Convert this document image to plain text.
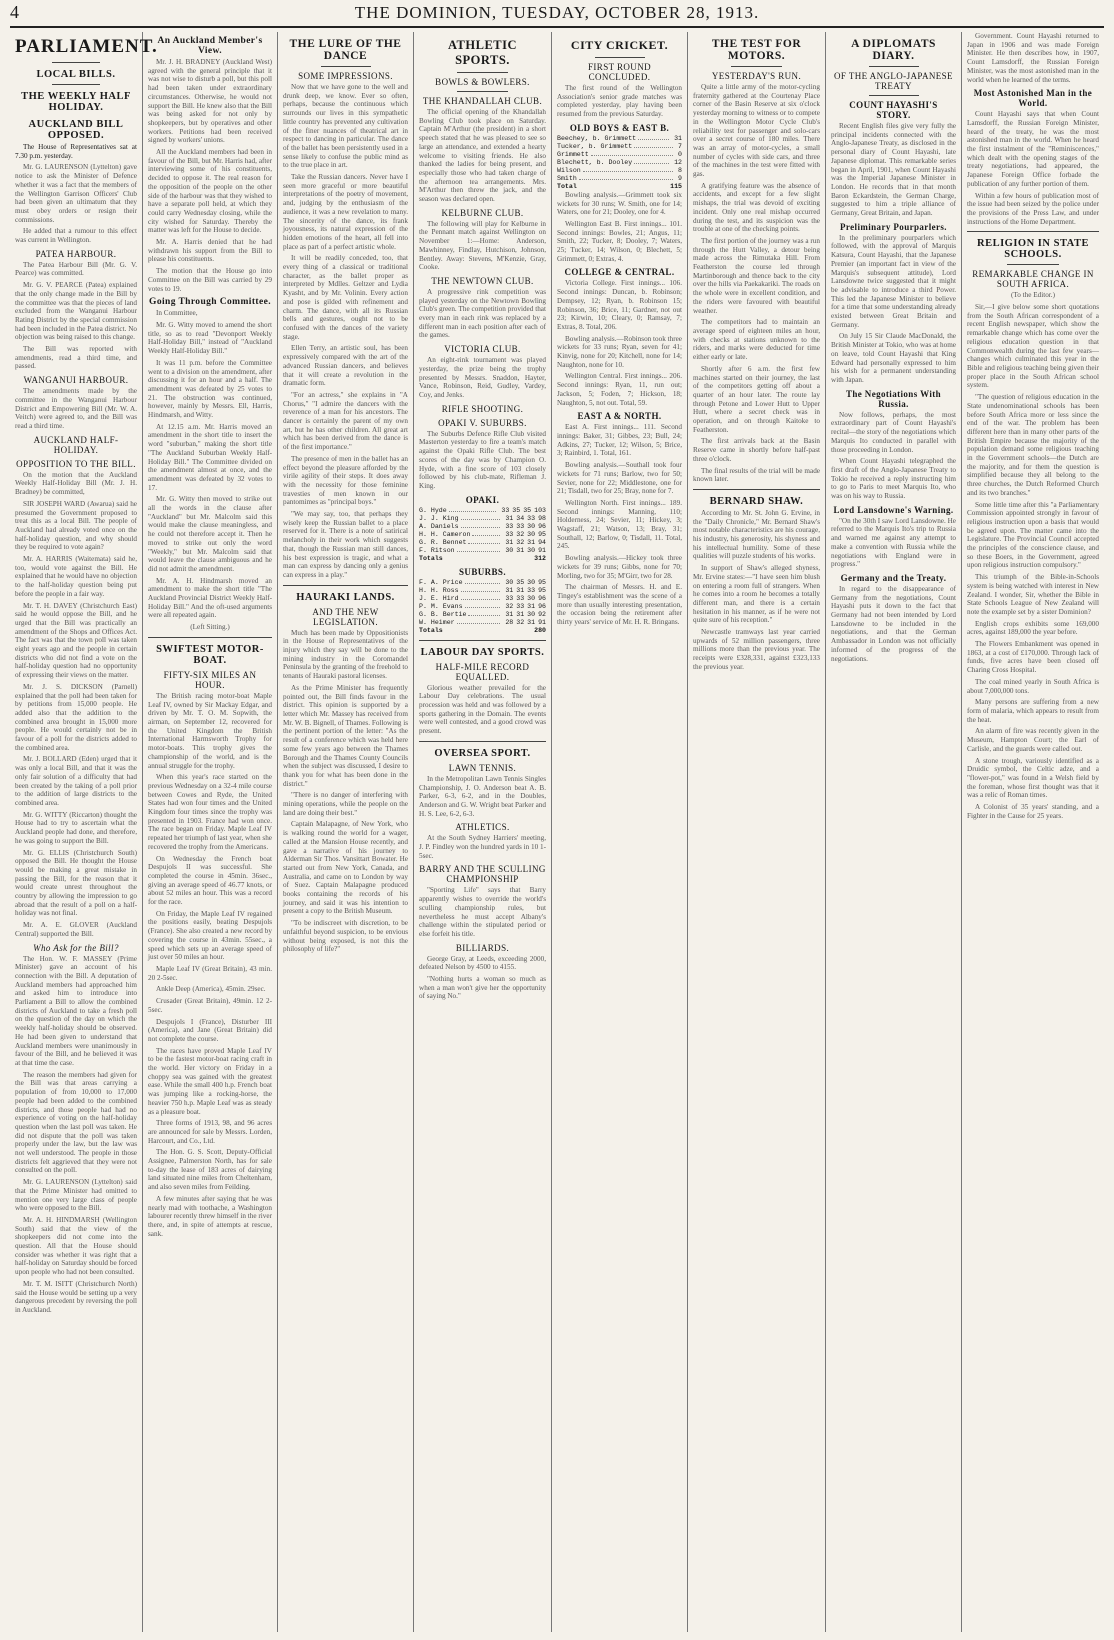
4	THE DOMINION, TUESDAY, OCTOBER 28, 1913.
PARLIAMENT.
LOCAL BILLS.
THE WEEKLY HALF HOLIDAY.
AUCKLAND BILL OPPOSED.

The House of Representatives sat at 7.30 p.m. yesterday.

Mr. G. LAURENSON (Lyttelton) gave notice to ask the Minister of Defence whether it was a fact that the members of the Wellington Garrison Officers' Club had been given an ultimatum that they must obey orders or resign their commissions.

He added that a rumour to this effect was current in Wellington.

PATEA HARBOUR.

The Patea Harbour Bill (Mr. G. V. Pearce) was committed.

Mr. G. V. PEARCE (Patea) explained that the only change made in the Bill by the committee was that the pieces of land excluded from the Wanganui Harbour Rating District by the special commission had been included in the Patea district. No objection was being raised to this change.

The Bill was reported with amendments, read a third time, and passed.

WANGANUI HARBOUR.

The amendments made by the committee in the Wanganui Harbour District and Empowering Bill (Mr. W. A. Veitch) were agreed to, and the Bill was read a third time.

AUCKLAND HALF-HOLIDAY.
OPPOSITION TO THE BILL.

On the motion that the Auckland Weekly Half-Holiday Bill (Mr. J. H. Bradney) be committed,

SIR JOSEPH WARD (Awarua) said he presumed the Government proposed to treat this as a local Bill. The people of Auckland had already voted once on the half-holiday question, and why should they be required to vote again?

Mr. A. HARRIS (Waitemata) said he, too, would vote against the Bill. He explained that he would have no objection to the half-holiday question being put before the people in a fair way.

Mr. T. H. DAVEY (Christchurch East) said he would oppose the Bill, and he urged that the Bill was practically an amendment of the Shops and Offices Act. The fact was that the town poll was taken eight years ago and the people in certain districts who did not find a vote on the half-holiday question had no opportunity of expressing their views on the matter.

Mr. J. S. DICKSON (Parnell) explained that the poll had been taken for by petitions from 15,000 people. He added also that the addition to the combined area brought in 15,000 more people. He would certainly not be in favour of a poll for the districts added to the combined area.

Mr. J. BOLLARD (Eden) urged that it was only a local Bill, and that it was the only fair solution of a difficulty that had been created by the taking of a poll prior to the addition of large districts to the combined area.

Mr. G. WITTY (Riccarton) thought the House had to try to ascertain what the Auckland people had done, and therefore, he was going to support the Bill.

Mr. G. ELLIS (Christchurch South) opposed the Bill. He thought the House would be making a great mistake in passing the Bill, for the reason that it would create unrest throughout the country by allowing the impression to go abroad that the result of a poll on a half-holiday was not final.

Mr. A. E. GLOVER (Auckland Central) supported the Bill.

Who Ask for the Bill?

The Hon. W. F. MASSEY (Prime Minister) gave an account of his connection with the Bill. A deputation of Auckland members had approached him and asked him to introduce into Parliament a Bill to allow the combined districts of Auckland to take a fresh poll on the question of the day on which the weekly half-holiday should be observed. He had been given to understand that Auckland members were unanimously in favour of the Bill, and he believed it was at that time the case.

The reason the members had given for the Bill was that areas carrying a population of from 10,000 to 17,000 people had been added to the combined districts, and those people had had no experience of voting on the half-holiday question when the last poll was taken. He did not dispute that the poll was taken properly under the law, but the law was not well understood. The people in those districts felt aggrieved that they were not consulted on the poll.

Mr. G. LAURENSON (Lyttelton) said that the Prime Minister had omitted to mention one very large class of people who were opposed to the Bill.

Mr. A. H. HINDMARSH (Wellington South) said that the view of the shopkeepers did not come into the question. All that the House should consider was whether it was right that a half-holiday on Saturday should be forced upon people who had not been consulted.

Mr. T. M. ISITT (Christchurch North) said the House would be setting up a very dangerous precedent by reversing the poll in Auckland.

An Auckland Member's View.

Mr. J. H. BRADNEY (Auckland West) agreed with the general principle that it was not wise to disturb a poll, but this poll had been taken under extraordinary circumstances. Otherwise, he would not support the Bill. He knew also that the Bill was being asked for not only by shopkeepers, but by operatives and other workers. Petitions had been received signed by workers' unions.

All the Auckland members had been in favour of the Bill, but Mr. Harris had, after interviewing some of his constituents, decided to oppose it. The real reason for the opposition of the people on the other side of the harbour was that they wished to have a separate poll held, at which they could carry Wednesday closing, while the city wished for Saturday. Thereby the matter was left for the House to decide.

Mr. A. Harris denied that he had withdrawn his support from the Bill to please his constituents.

The motion that the House go into Committee on the Bill was carried by 29 votes to 19.

Going Through Committee.

In Committee,

Mr. G. Witty moved to amend the short title, so as to read "Devonport Weekly Half-Holiday Bill," instead of "Auckland Weekly Half-Holiday Bill."

It was 11 p.m. before the Committee went to a division on the amendment, after discussing it for an hour and a half. The amendment was defeated by 25 votes to 21. The obstruction was continued, however, mainly by Messrs. Ell, Harris, Hindmarsh, and Witty.

At 12.15 a.m. Mr. Harris moved an amendment in the short title to insert the word "suburban," making the short title "The Auckland Suburban Weekly Half-Holiday Bill." The Committee divided on the amendment almost at once, and the amendment was defeated by 32 votes to 17.

Mr. G. Witty then moved to strike out all the words in the clause after "Auckland" but Mr. Malcolm said this would make the clause meaningless, and he could not therefore accept it. Then he moved to strike out only the word "Weekly," but Mr. Malcolm said that would leave the clause ambiguous and he did not admit the amendment.

Mr. A. H. Hindmarsh moved an amendment to make the short title "The Auckland Provincial District Weekly Half-Holiday Bill." And the oft-used arguments were all repeated again.

(Left Sitting.)

SWIFTEST MOTOR-BOAT.
FIFTY-SIX MILES AN HOUR.

The British racing motor-boat Maple Leaf IV, owned by Sir Mackay Edgar, and driven by Mr. T. O. M. Sopwith, the airman, on September 12, recovered for the United Kingdom the British International Harmsworth Trophy for motor-boats. This trophy gives the championship of the world, and is the annual struggle for the trophy.

When this year's race started on the previous Wednesday on a 32-4 mile course between Cowes and Ryde, the United States had won four times and the United Kingdom four times since the trophy was presented in 1903. France had won once. The race began on Friday. Maple Leaf IV repeated her triumph of last year, when she recovered the trophy from the Americans.

On Wednesday the French boat Despujols II was successful. She completed the course in 45min. 36sec., giving an average speed of 46.77 knots, or about 52 miles an hour. This was a record for the race.

On Friday, the Maple Leaf IV regained the positions easily, beating Despujols (France). She also created a new record by covering the course in 43min. 55sec., a speed which sets up an average speed of just over 50 miles an hour.

Maple Leaf IV (Great Britain), 43 min. 20 2-5sec.

Ankle Deep (America), 45min. 29sec.

Crusader (Great Britain), 49min. 12 2-5sec.

Despujols I (France), Disturber III (America), and Jane (Great Britain) did not complete the course.

The races have proved Maple Leaf IV to be the fastest motor-boat racing craft in the world. Her victory on Friday in a choppy sea was gained with the greatest ease. While the small 400 h.p. French boat was jumping like a rocking-horse, the heavier 750 h.p. Maple Leaf was as steady as a pleasure boat.

Three forms of 1913, 98, and 96 acres are announced for sale by Messrs. Lorden, Harcourt, and Co., Ltd.

The Hon. G. S. Scott, Deputy-Official Assignee, Palmerston North, has for sale to-day the lease of 183 acres of dairying land situated nine miles from Cheltenham, and also seven miles from Feilding.

A few minutes after saying that he was nearly mad with toothache, a Washington labourer recently threw himself in the river there, and, in spite of attempts at rescue, sank.

THE LURE OF THE DANCE
SOME IMPRESSIONS.

Now that we have gone to the well and drunk deep, we know. Ever so often, perhaps, because the continuous which surrounds our lives in this sympathetic little country has prevented any cultivation of the finer nuances of theatrical art in respect to dancing in particular. The dance of the ballet has been persistently used in a sense likely to confuse the public mind as to the true place in art.

Take the Russian dancers. Never have I seen more graceful or more beautiful interpretations of the poetry of movement, and, judging by the enthusiasm of the audience, it was a new revelation to many. The sincerity of the dance, its frank joyousness, its natural expression of the hidden emotions of the heart, all fell into place as part of a perfect artistic whole.

It will be readily conceded, too, that every thing of a classical or traditional character, as the ballet proper as interpreted by Mdlles. Geltzer and Lydia Kyasht, and by Mr. Volinin. Every action and pose is gilded with refinement and charm. The dance, with all its Russian bells and gestures, ought not to be confused with the dances of the variety stage.

Ellen Terry, an artistic soul, has been expressively compared with the art of the advanced Russian dancers, and believes that it will create a revolution in the dramatic form.

"For an actress," she explains in "A Chorus," "I admire the dancers with the reverence of a man for his ancestors. The dancer is certainly the parent of my own art, but he has other children. All great art which has been derived from the dance is of the first importance."

The presence of men in the ballet has an effect beyond the pleasure afforded by the virile agility of their steps. It does away with the necessity for those feminine travesties of men known in our pantomimes as "principal boys."

"We may say, too, that perhaps they wisely keep the Russian ballet to a place reserved for it. There is a note of satirical melancholy in their work which suggests that, though the Russian man still dances, his best expression is tragic, and what a man can express by dancing only a genius can express in a play."

HAURAKI LANDS.
AND THE NEW LEGISLATION.

Much has been made by Oppositionists in the House of Representatives of the injury which they say will be done to the mining industry in the Coromandel Peninsula by the granting of the freehold to tenants of Hauraki pastoral licenses.

As the Prime Minister has frequently pointed out, the Bill finds favour in the district. This opinion is supported by a letter which Mr. Massey has received from Mr. W. B. Bignell, of Thames. Following is the pertinent portion of the letter: "As the result of a conference which was held here some few years ago between the Thames Borough and the Thames County Councils when the subject was discussed, I desire to thank you for what has been done in the district."

"There is no danger of interfering with mining operations, while the people on the land are doing their best."

Captain Malapagne, of New York, who is walking round the world for a wager, called at the Mansion House recently, and gave a narrative of his journey to Alderman Sir Thos. Vansittart Bowater. He started out from New York, Canada, and Australia, and came on to London by way of Suez. Captain Malapagne produced books containing the records of his journey, and said it was his intention to present a copy to the British Museum.

"To be indiscreet with discretion, to be unfaithful beyond suspicion, to be envious without being exposed, is not this the philosophy of life?"

ATHLETIC SPORTS.
BOWLS & BOWLERS.
THE KHANDALLAH CLUB.

The official opening of the Khandallah Bowling Club took place on Saturday. Captain M'Arthur (the president) in a short speech stated that he was pleased to see so large an attendance, and extended a hearty welcome to visiting friends. He also thanked the ladies for being present, and especially those who had taken charge of the afternoon tea arrangements. Mrs. M'Arthur then threw the jack, and the season was declared open.

KELBURNE CLUB.

The following will play for Kelburne in the Pennant match against Wellington on November 1:—Home: Anderson, Mawhinney, Findlay, Hutchison, Johnson, Bentley. Away: Stevens, M'Kenzie, Gray, Cooke.

THE NEWTOWN CLUB.

A progressive rink competition was played yesterday on the Newtown Bowling Club's green. The competition provided that every man in each rink was replaced by a different man in each position after each of the games.

VICTORIA CLUB.

An eight-rink tournament was played yesterday, the prize being the trophy presented by Messrs. Snaddon, Hayter, Vance, Robinson, Reid, Gudley, Vardey, Coy, and Jenks.

RIFLE SHOOTING.
OPAKI V. SUBURBS.

The Suburbs Defence Rifle Club visited Masterton yesterday to fire a team's match against the Opaki Rifle Club. The best scores of the day was by Champion O. Hyde, with a fine score of 103 closely followed by his club-mate, Rifleman J. King.

OPAKI.
G. Hyde	33 35 35 103
J. J. King	31 34 33 98
A. Daniels	33 33 30 96
H. H. Cameron	33 32 30 95
G. R. Bennet	31 32 31 94
F. Ritson	30 31 30 91
Totals	312
SUBURBS.
F. A. Price	30 35 30 95
H. H. Ross	31 31 33 95
J. E. Hird	33 33 30 96
P. M. Evans	32 33 31 96
G. B. Bertie	31 31 30 92
W. Heimer	28 32 31 91
Totals	280
LABOUR DAY SPORTS.
HALF-MILE RECORD EQUALLED.

Glorious weather prevailed for the Labour Day celebrations. The usual procession was held and was followed by a sports gathering in the Domain. The events were well contested, and a good crowd was present.

OVERSEA SPORT.
LAWN TENNIS.

In the Metropolitan Lawn Tennis Singles Championship, J. O. Anderson beat A. B. Parker, 6-3, 6-2, and in the Doubles, Anderson and G. W. Wright beat Parker and H. S. Lee, 6-2, 6-3.

ATHLETICS.

At the South Sydney Harriers' meeting, J. P. Findley won the hundred yards in 10 1-5sec.

BARRY AND THE SCULLING CHAMPIONSHIP

"Sporting Life" says that Barry apparently wishes to override the world's sculling championship rules, but nevertheless he must accept Albany's challenge within the stipulated period or else forfeit his title.

BILLIARDS.

George Gray, at Leeds, exceeding 2000, defeated Nelson by 4500 to 4155.

"Nothing hurts a woman so much as when a man won't give her the opportunity of saying No."

CITY CRICKET.
FIRST ROUND CONCLUDED.

The first round of the Wellington Association's senior grade matches was completed yesterday, play having been resumed from the previous Saturday.

OLD BOYS & EAST B.
Beechey, b. Grimmett	31
Tucker, b. Grimmett	7
Grimmett	0
Blechett, b. Dooley	12
Wilson	8
Smith	9
Total	115

Bowling analysis.—Grimmett took six wickets for 30 runs; W. Smith, one for 14; Waters, one for 21; Dooley, one for 4.

Wellington East B. First innings... 101. Second innings: Bowles, 21; Angus, 11; Smith, 22; Tucker, 8; Dooley, 7; Waters, 25; Tucker, 14; Wilson, 0; Blechett, 5; Grimmett, 0; Extras, 4.

COLLEGE & CENTRAL.

Victoria College. First innings... 106. Second innings: Duncan, b. Robinson; Dempsey, 12; Ryan, b. Robinson 15; Robinson, 36; Brice, 11; Gardner, not out 23; Kirwin, 10; Cleary, 0; Ramsay, 7; Extras, 8. Total, 206.

Bowling analysis.—Robinson took three wickets for 33 runs; Ryan, seven for 41; Kinvig, none for 20; Kitchell, none for 14; Naughton, none for 10.

Wellington Central. First innings... 206. Second innings: Ryan, 11, run out; Jackson, 5; Foden, 7; Hickson, 18; Naughton, 5, not out. Total, 59.

EAST A & NORTH.

East A. First innings... 111. Second innings: Baker, 31; Gibbes, 23; Bull, 24; Adkins, 27; Tucker, 12; Wilson, 5; Brice, 3; Rainbird, 1. Total, 161.

Bowling analysis.—Southall took four wickets for 71 runs; Barlow, two for 50; Sevier, none for 22; Middlestone, one for 21; Tisdall, two for 25; Bray, none for 7.

Wellington North. First innings... 189. Second innings: Manning, 110; Holderness, 24; Sevier, 11; Hickey, 3; Wagstaff, 21; Watson, 13; Bray, 31; Southall, 12; Barlow, 0; Tisdall, 11. Total, 245.

Bowling analysis.—Hickey took three wickets for 39 runs; Gibbs, none for 70; Morling, two for 35; M'Girr, two for 28.

The chairman of Messrs. H. and E. Tingey's establishment was the scene of a more than usually interesting presentation, the occasion being the retirement after thirty years' service of Mr. H. R. Bringans.

THE TEST FOR MOTORS.
YESTERDAY'S RUN.

Quite a little army of the motor-cycling fraternity gathered at the Courtenay Place corner of the Basin Reserve at six o'clock yesterday morning to witness or to compete in the Wellington Motor Cycle Club's reliability test for passenger and solo-cars over a secret course of 180 miles. There was an array of motor-cycles, a small number of cycles with side cars, and three of the machines in the test were fitted with gas.

A gratifying feature was the absence of accidents, and except for a few slight mishaps, the trial was devoid of exciting incident. Only one real mishap occurred during the test, and its suspicion was the trouble at one of the checking points.

The first portion of the journey was a run through the Hutt Valley, a detour being made across the Rimutaka Hill. From Featherston the course led through Martinborough and thence back to the city over the hills via Paekakariki. The roads on the whole were in excellent condition, and the riders were favoured with beautiful weather.

The competitors had to maintain an average speed of eighteen miles an hour, with checks at stations unknown to the riders, and marks were deducted for time either early or late.

Shortly after 6 a.m. the first few machines started on their journey, the last of the competitors getting off about a quarter of an hour later. The route lay through Petone and Lower Hutt to Upper Hutt, where a secret check was in operation, and on through Kaitoke to Featherston.

The first arrivals back at the Basin Reserve came in shortly before half-past three o'clock.

The final results of the trial will be made known later.

BERNARD SHAW.

According to Mr. St. John G. Ervine, in the "Daily Chronicle," Mr. Bernard Shaw's most notable characteristics are his courage, his industry, his generosity, his shyness and his intellectual humility. Some of these qualities will puzzle students of his works.

In support of Shaw's alleged shyness, Mr. Ervine states:—"I have seen him blush on entering a room full of strangers. When he comes into a room he becomes a totally different man, and there is a certain hesitation in his manner, as if he were not quite sure of his reception."

Newcastle tramways last year carried upwards of 52 million passengers, three millions more than the previous year. The receipts were £328,331, against £323,133 the previous year.

A DIPLOMATS DIARY.
OF THE ANGLO-JAPANESE TREATY
COUNT HAYASHI'S STORY.

Recent English files give very fully the principal incidents connected with the Anglo-Japanese Treaty, as disclosed in the personal diary of Count Hayashi, late Japanese diplomat. This remarkable series began in April, 1901, when Count Hayashi was the Imperial Japanese Minister in London. He records that in that month Baron Eckardstein, the German Charge, suggested to him a triple alliance of Germany, Great Britain, and Japan.

Preliminary Pourparlers.

In the preliminary pourparlers which followed, with the approval of Marquis Katsura, Count Hayashi, that the Japanese Premier (an important fact in view of the Marquis's subsequent attitude), Lord Lansdowne twice suggested that it might be advisable to introduce a third Power. This led the Japanese Minister to believe for a time that some understanding already existed between Great Britain and Germany.

On July 15 Sir Claude MacDonald, the British Minister at Tokio, who was at home on leave, told Count Hayashi that King Edward had personally expressed to him his wish for a permanent understanding with Japan.

The Negotiations With Russia.

Now follows, perhaps, the most extraordinary part of Count Hayashi's recital—the story of the negotiations which Marquis Ito conducted in parallel with those proceeding in London.

When Count Hayashi telegraphed the first draft of the Anglo-Japanese Treaty to Tokio he received a reply instructing him to go to Paris to meet Marquis Ito, who was on his way to Russia.

Lord Lansdowne's Warning.

"On the 30th I saw Lord Lansdowne. He referred to the Marquis Ito's trip to Russia and warned me against any attempt to make a convention with Russia while the negotiations with England were in progress."

Germany and the Treaty.

In regard to the disappearance of Germany from the negotiations, Count Hayashi puts it down to the fact that Germany had not been intended by Lord Lansdowne to be included in the negotiations, and that the German Ambassador in London was not officially informed of the progress of the negotiations.

Government. Count Hayashi returned to Japan in 1906 and was made Foreign Minister. He then describes how, in 1907, Count Lamsdorff, the Russian Foreign Minister, was the most astonished man in the world when he learned of the terms.

Most Astonished Man in the World.

Count Hayashi says that when Count Lamsdorff, the Russian Foreign Minister, heard of the treaty, he was the most astonished man in the world. When he heard the first instalment of the "Reminiscences," which dealt with the opening stages of the treaty negotiations, had appeared, the Japanese Foreign Office forbade the publication of any further portion of them.

Within a few hours of publication most of the issue had been seized by the police under the provisions of the Press Law, and under instructions of the Home Department.

RELIGION IN STATE SCHOOLS.
REMARKABLE CHANGE IN SOUTH AFRICA.

(To the Editor.)

Sir,—I give below some short quotations from the South African correspondent of a recent English newspaper, which show the remarkable change which has come over the religious education question in that Commonwealth during the last few years—changes which culminated this year in the Bible and religious teaching being given their proper place in the South African school system.

"The question of religious education in the State undenominational schools has been before South Africa more or less since the end of the war. The problem has been different here than in many other parts of the British Empire because the majority of the population demand some religious teaching in the Government schools—the Dutch are the majority, and for them the question is simplified because they all belong to the three churches, the Dutch Reformed Church and its two branches."

Some little time after this "a Parliamentary Commission appointed strongly in favour of religious instruction upon a basis that would be agreed upon. The matter came into the Legislature. The Provincial Council accepted the principles of the conscience clause, and so these Boers, in the Government, agreed upon religious instruction compulsory."

This triumph of the Bible-in-Schools system is being watched with interest in New Zealand. I wonder, Sir, whether the Bible in State Schools League of New Zealand will note the example set by a sister Dominion?

English crops exhibits some 169,000 acres, against 189,000 the year before.

The Flowers Embankment was opened in 1863, at a cost of £170,000. Through lack of funds, five acres have been closed off Charing Cross Hospital.

The coal mined yearly in South Africa is about 7,000,000 tons.

Many persons are suffering from a new form of malaria, which appears to result from the heat.

An alarm of fire was recently given in the Museum, Hampton Court; the Earl of Carlisle, and the guards were called out.

A stone trough, variously identified as a Druidic symbol, the Celtic adze, and a "flower-pot," was found in a Welsh field by the foreman, whose first thought was that it was a relic of Roman times.

A Colonist of 35 years' standing, and a Fighter in the Cause for 25 years.
